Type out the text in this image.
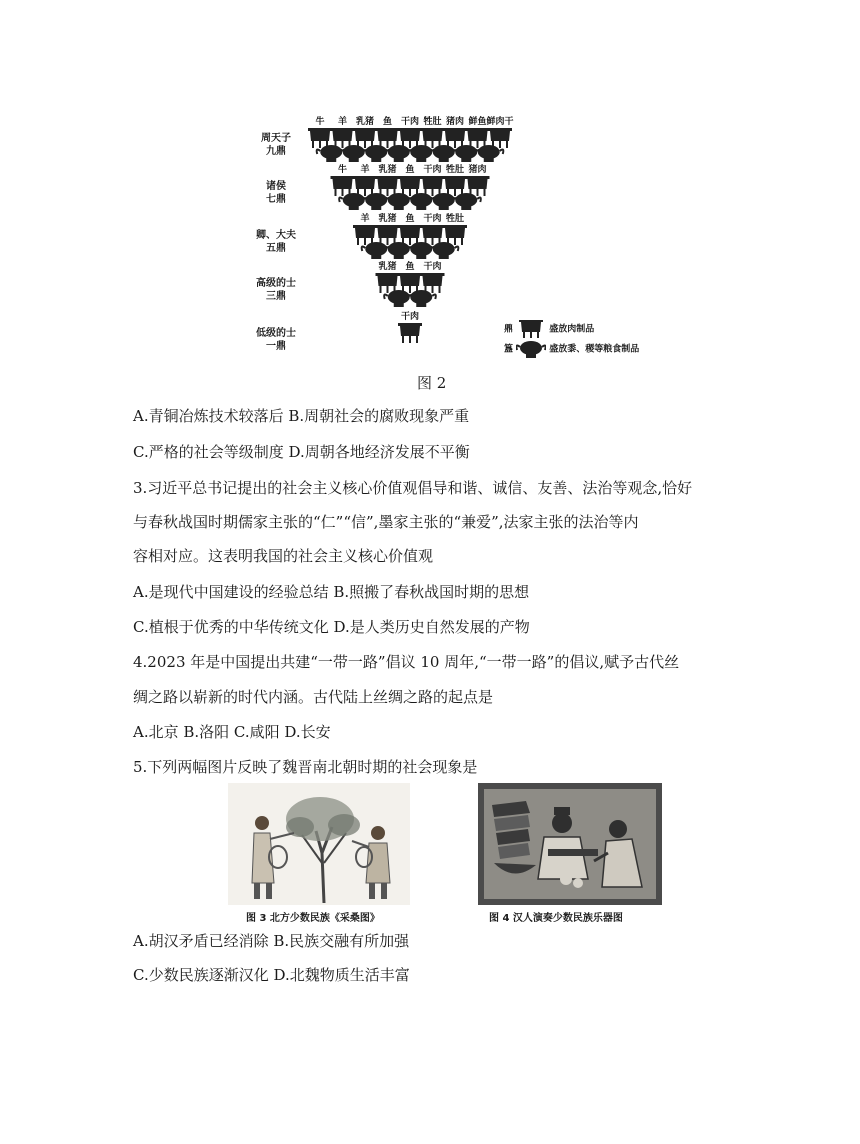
周天子
九鼎
牛 羊 乳猪 鱼 干肉 牲肚 猪肉 鲜鱼 鲜肉干
诸侯
七鼎
牛 羊 乳猪 鱼 干肉 牲肚 猪肉
卿、大夫
五鼎
羊 乳猪 鱼 干肉 牲肚
高级的士
三鼎
乳猪 鱼 干肉
低级的士
一鼎
干肉
鼎	盛放肉制品
簋	盛放黍、稷等粮食制品
图 2
A.青铜冶炼技术较落后 B.周朝社会的腐败现象严重
C.严格的社会等级制度 D.周朝各地经济发展不平衡
3.习近平总书记提出的社会主义核心价值观倡导和谐、诚信、友善、法治等观念,恰好
与春秋战国时期儒家主张的“仁”“信”,墨家主张的“兼爱”,法家主张的法治等内
容相对应。这表明我国的社会主义核心价值观
A.是现代中国建设的经验总结 B.照搬了春秋战国时期的思想
C.植根于优秀的中华传统文化 D.是人类历史自然发展的产物
4.2023 年是中国提出共建“一带一路”倡议 10 周年,“一带一路”的倡议,赋予古代丝
绸之路以崭新的时代内涵。古代陆上丝绸之路的起点是
A.北京 B.洛阳 C.咸阳 D.长安
5.下列两幅图片反映了魏晋南北朝时期的社会现象是
图 3 北方少数民族《采桑图》	图 4 汉人演奏少数民族乐器图
A.胡汉矛盾已经消除 B.民族交融有所加强
C.少数民族逐渐汉化 D.北魏物质生活丰富
